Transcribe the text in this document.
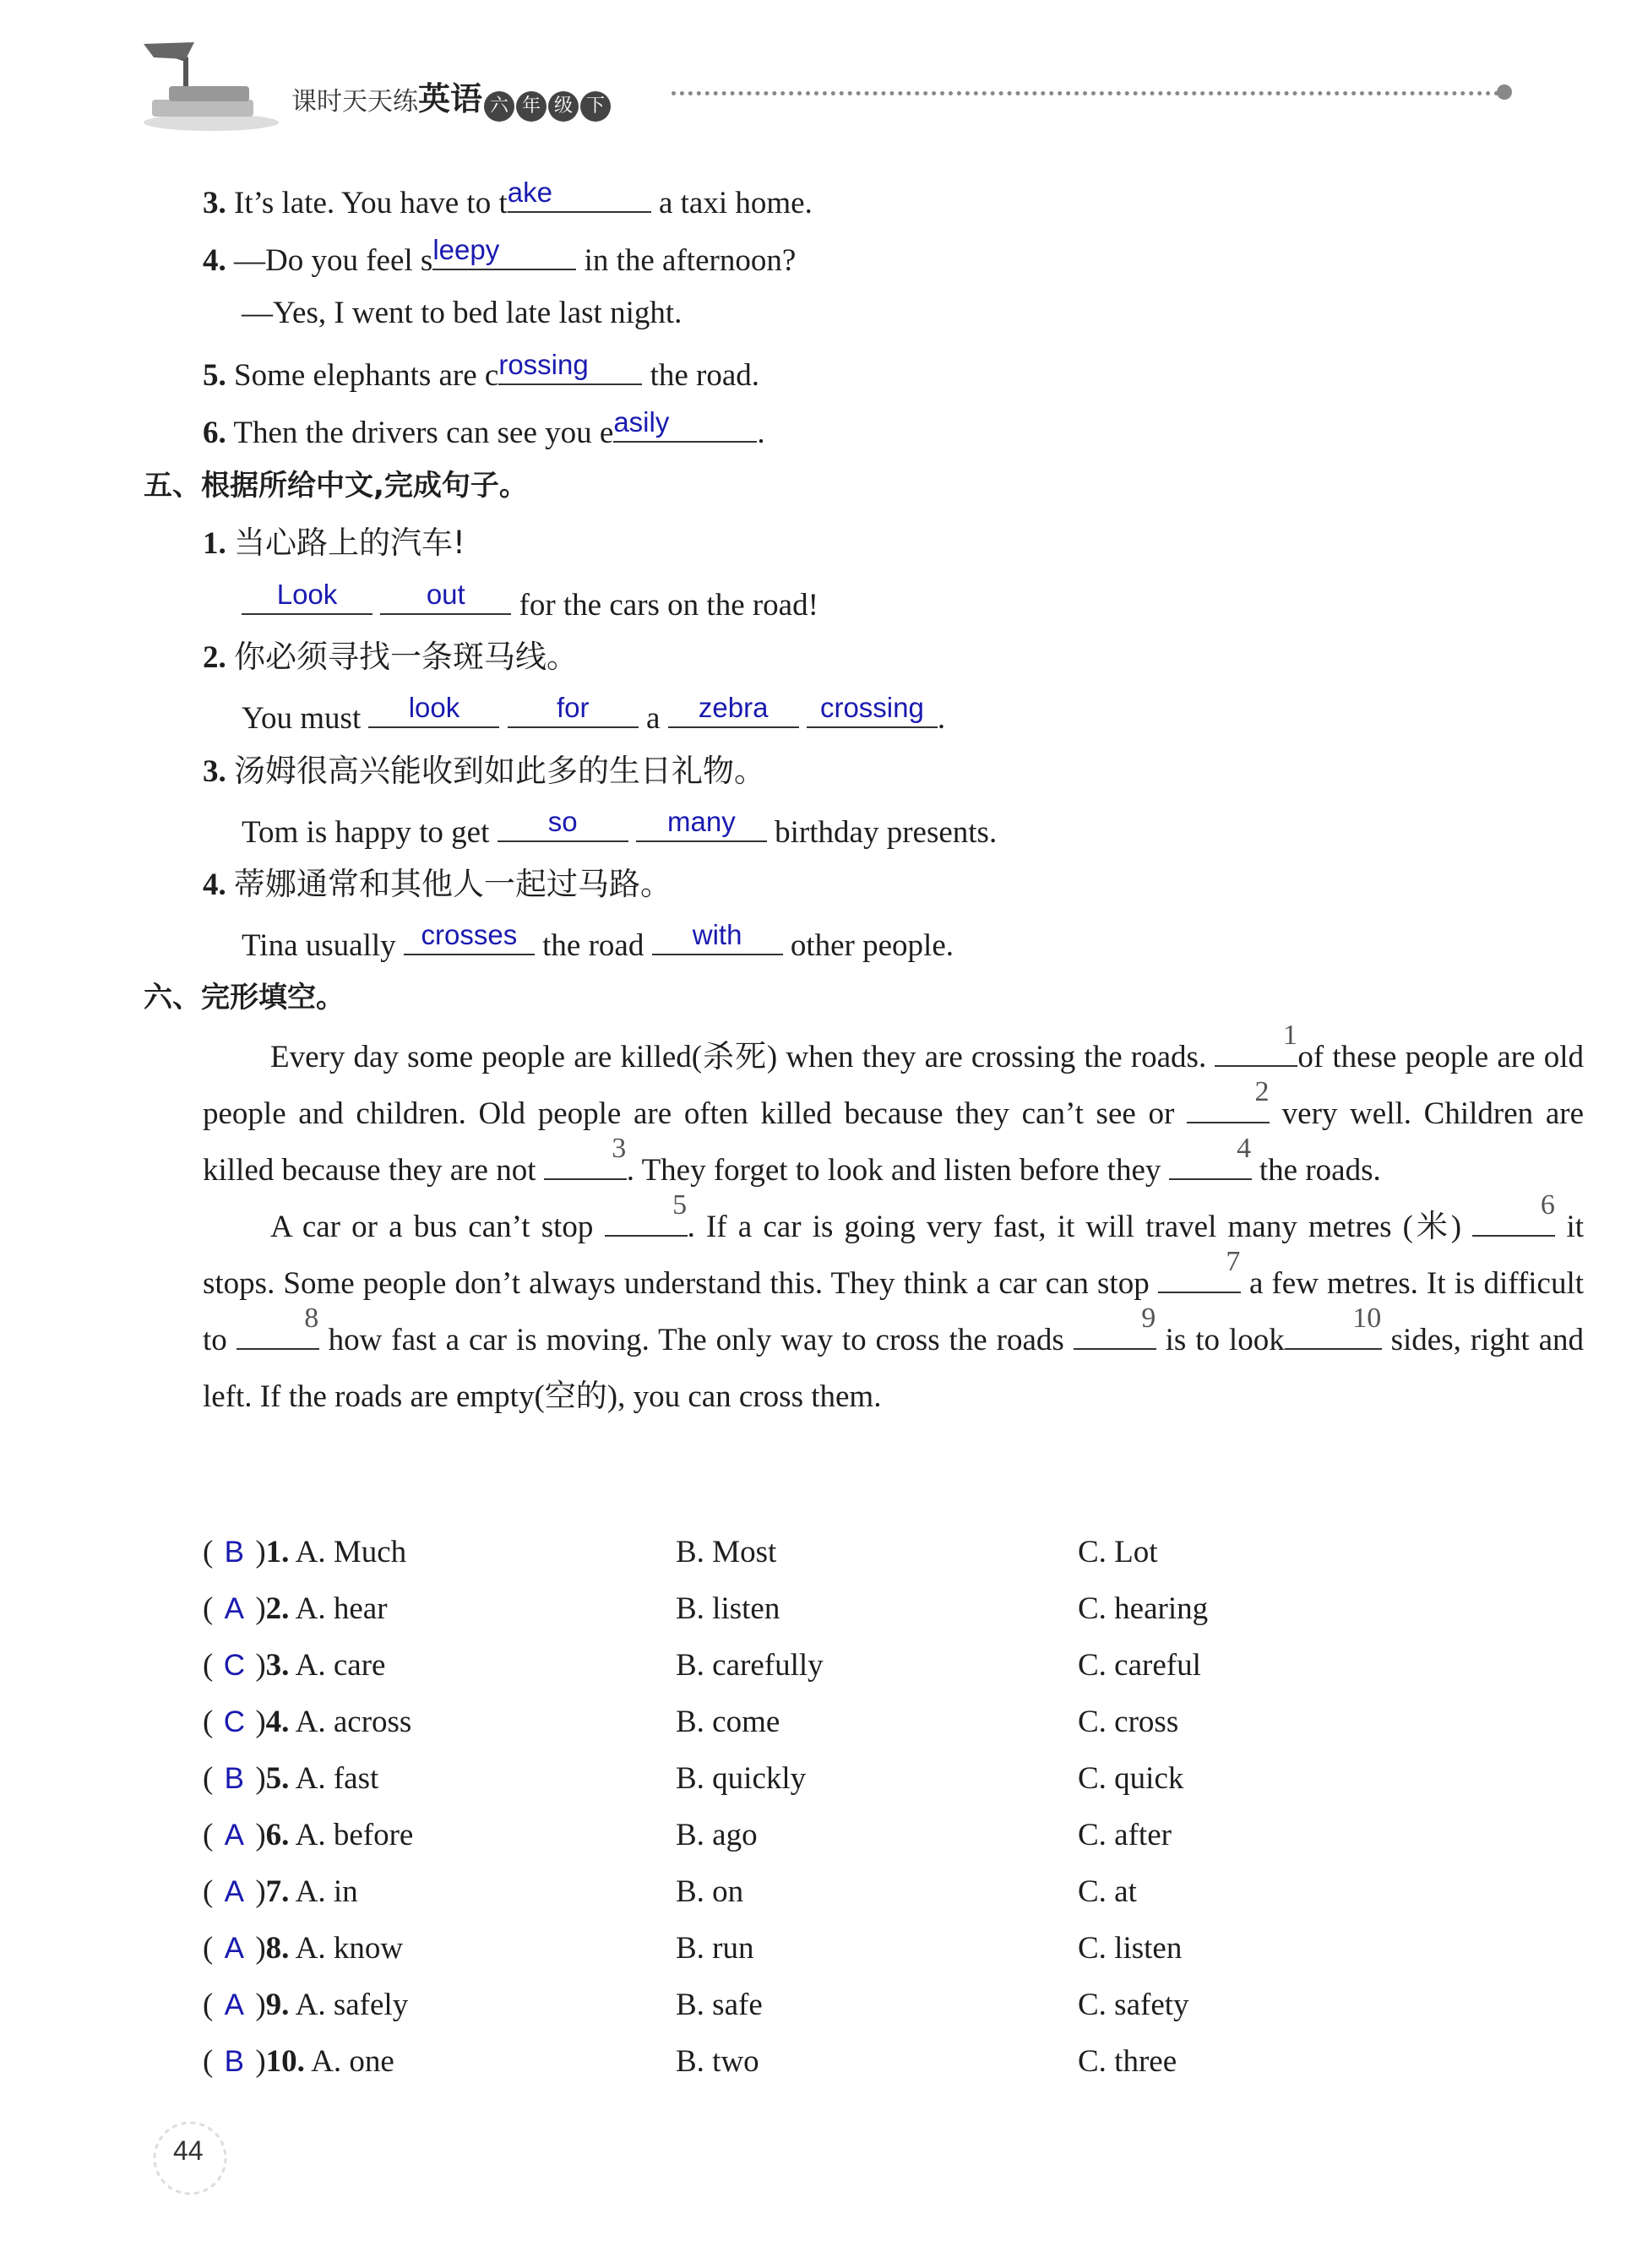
课时天天练英语 六 年 级 下
3. It’s late. You have to t ake	a taxi home.
4. —Do you feel s leepy	in the afternoon?
—Yes, I went to bed late last night.
5. Some elephants are c rossing	the road.
6. Then the drivers can see you e asily	.
五、根据所给中文,完成句子。
1. 当心路上的汽车!
Look
	out	for the cars on the road!
2. 你必须寻找一条斑马线。
You must	look
	for	a	zebra
	crossing .
3. 汤姆很高兴能收到如此多的生日礼物。
Tom is happy to get	so
	many	birthday presents.
4. 蒂娜通常和其他人一起过马路。
Tina usually crosses the road	with	other people.
六、完形填空。

Every day some people are killed(杀死) when they are crossing the roads.
1
of these people are old people and children. Old people are often killed because they can’t see or
2
very well. Children are killed because they are not
3
. They forget to look and listen before they
4
the roads.

A car or a bus can’t stop
5
. If a car is going very fast, it will travel many metres (米)
6
it stops. Some people don’t always understand this. They think a car can stop
7
a few metres. It is difficult to
8
how fast a car is moving. The only way to cross the roads
9
is to look
10
sides, right and left. If the roads are empty(空的), you can cross them.

( B )1. A. Much	B. Most	C. Lot
( A )2. A. hear	B. listen	C. hearing
( C )3. A. care	B. carefully	C. careful
( C )4. A. across	B. come	C. cross
( B )5. A. fast	B. quickly	C. quick
( A )6. A. before	B. ago	C. after
( A )7. A. in	B. on	C. at
( A )8. A. know	B. run	C. listen
( A )9. A. safely	B. safe	C. safety
( B )10. A. one	B. two	C. three
44
